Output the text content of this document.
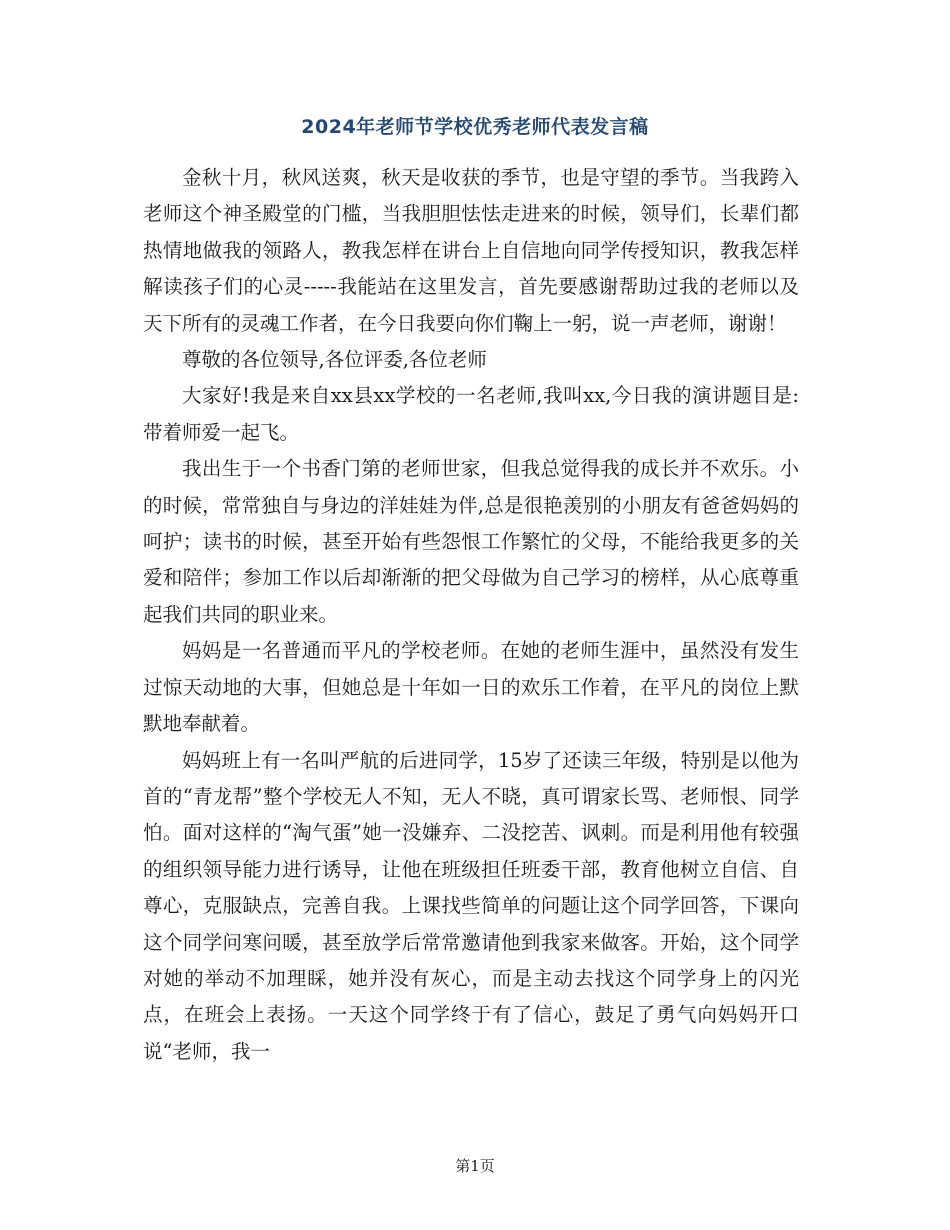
2024年老师节学校优秀老师代表发言稿

金秋十月，秋风送爽，秋天是收获的季节，也是守望的季节。当我跨入老师这个神圣殿堂的门槛，当我胆胆怯怯走进来的时候，领导们，长辈们都热情地做我的领路人，教我怎样在讲台上自信地向同学传授知识，教我怎样解读孩子们的心灵-----我能站在这里发言，首先要感谢帮助过我的老师以及天下所有的灵魂工作者，在今日我要向你们鞠上一躬，说一声老师，谢谢！

尊敬的各位领导,各位评委,各位老师

大家好!我是来自xx县xx学校的一名老师,我叫xx,今日我的演讲题目是:带着师爱一起飞。

我出生于一个书香门第的老师世家，但我总觉得我的成长并不欢乐。小的时候，常常独自与身边的洋娃娃为伴,总是很艳羡别的小朋友有爸爸妈妈的呵护；读书的时候，甚至开始有些怨恨工作繁忙的父母，不能给我更多的关爱和陪伴；参加工作以后却渐渐的把父母做为自己学习的榜样，从心底尊重起我们共同的职业来。

妈妈是一名普通而平凡的学校老师。在她的老师生涯中，虽然没有发生过惊天动地的大事，但她总是十年如一日的欢乐工作着，在平凡的岗位上默默地奉献着。

妈妈班上有一名叫严航的后进同学，15岁了还读三年级，特别是以他为首的“青龙帮”整个学校无人不知，无人不晓，真可谓家长骂、老师恨、同学怕。面对这样的“淘气蛋”她一没嫌弃、二没挖苦、讽刺。而是利用他有较强的组织领导能力进行诱导，让他在班级担任班委干部，教育他树立自信、自尊心，克服缺点，完善自我。上课找些简单的问题让这个同学回答，下课向这个同学问寒问暖，甚至放学后常常邀请他到我家来做客。开始，这个同学对她的举动不加理睬，她并没有灰心，而是主动去找这个同学身上的闪光点，在班会上表扬。一天这个同学终于有了信心，鼓足了勇气向妈妈开口说“老师，我一

第1页
